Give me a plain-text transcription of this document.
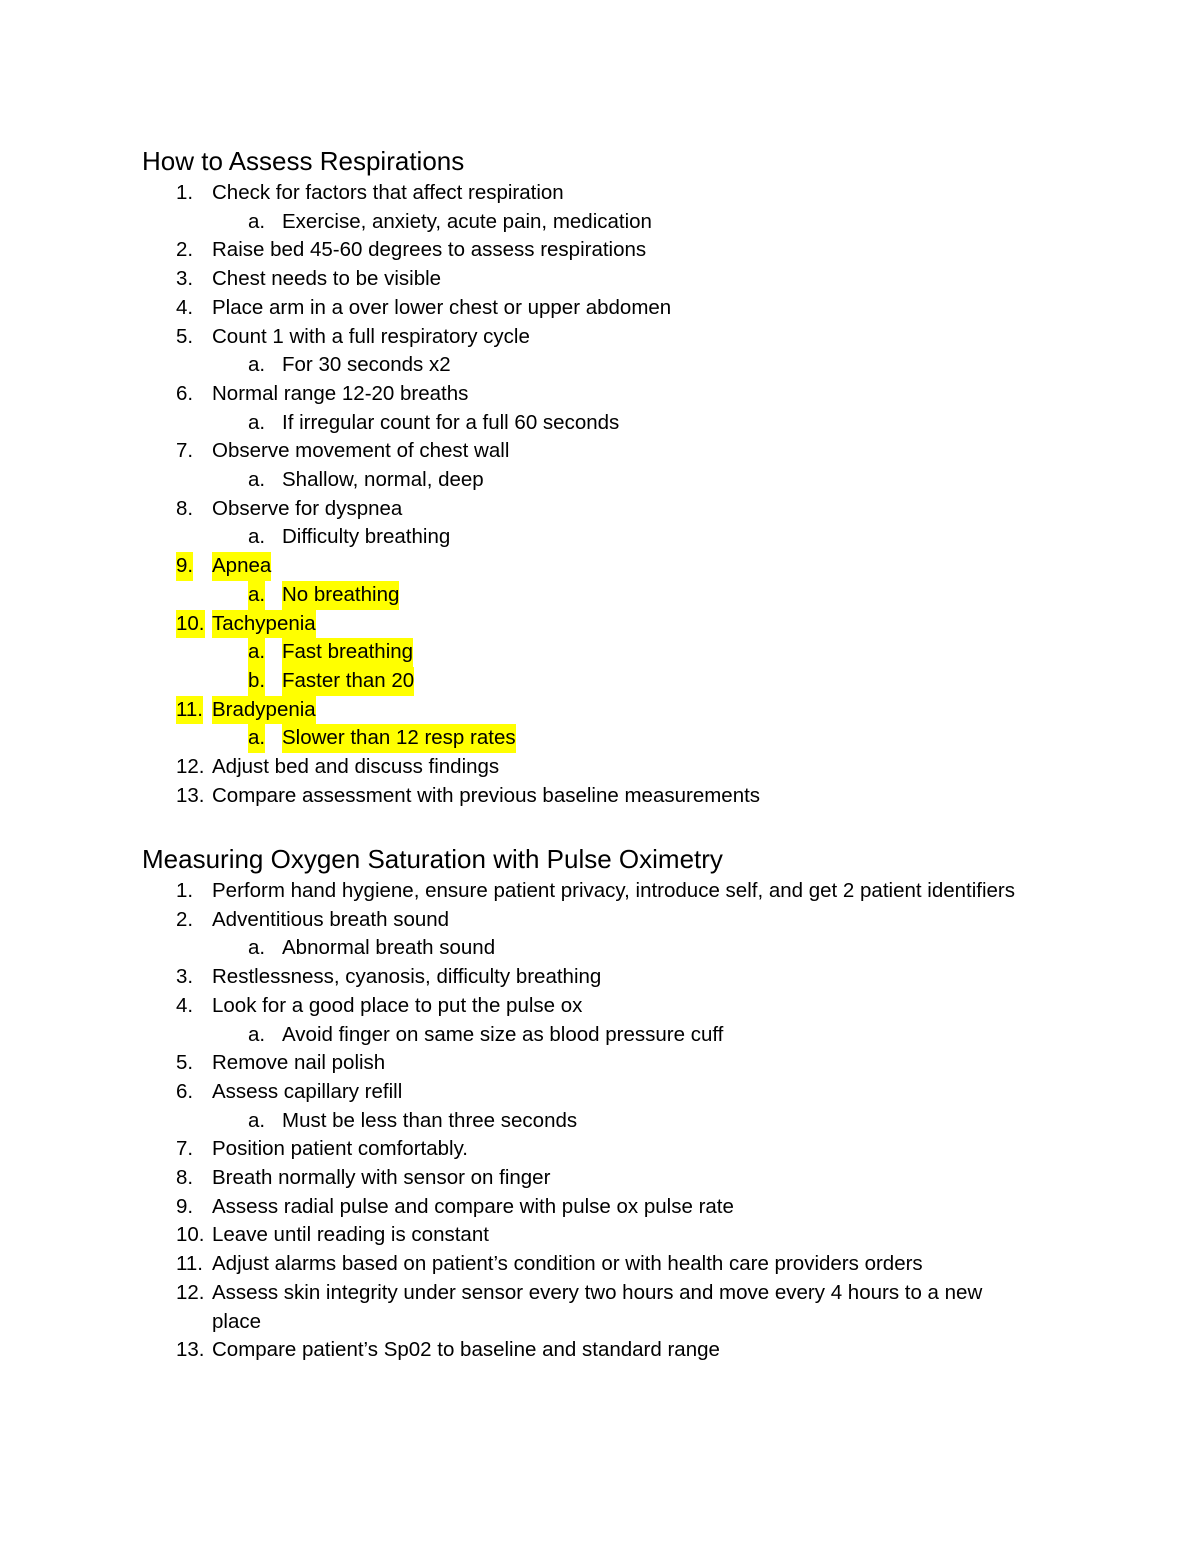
How to Assess Respirations
1. Check for factors that affect respiration
a. Exercise, anxiety, acute pain, medication
2. Raise bed 45-60 degrees to assess respirations
3. Chest needs to be visible
4. Place arm in a over lower chest or upper abdomen
5. Count 1 with a full respiratory cycle
a. For 30 seconds x2
6. Normal range 12-20 breaths
a. If irregular count for a full 60 seconds
7. Observe movement of chest wall
a. Shallow, normal, deep
8. Observe for dyspnea
a. Difficulty breathing
9. Apnea
a. No breathing
10. Tachypenia
a. Fast breathing
b. Faster than 20
11. Bradypenia
a. Slower than 12 resp rates
12. Adjust bed and discuss findings
13. Compare assessment with previous baseline measurements
Measuring Oxygen Saturation with Pulse Oximetry
1. Perform hand hygiene, ensure patient privacy, introduce self, and get 2 patient identifiers
2. Adventitious breath sound
a. Abnormal breath sound
3. Restlessness, cyanosis, difficulty breathing
4. Look for a good place to put the pulse ox
a. Avoid finger on same size as blood pressure cuff
5. Remove nail polish
6. Assess capillary refill
a. Must be less than three seconds
7. Position patient comfortably.
8. Breath normally with sensor on finger
9. Assess radial pulse and compare with pulse ox pulse rate
10. Leave until reading is constant
11. Adjust alarms based on patient’s condition or with health care providers orders
12. Assess skin integrity under sensor every two hours and move every 4 hours to a new place
13. Compare patient’s Sp02 to baseline and standard range
